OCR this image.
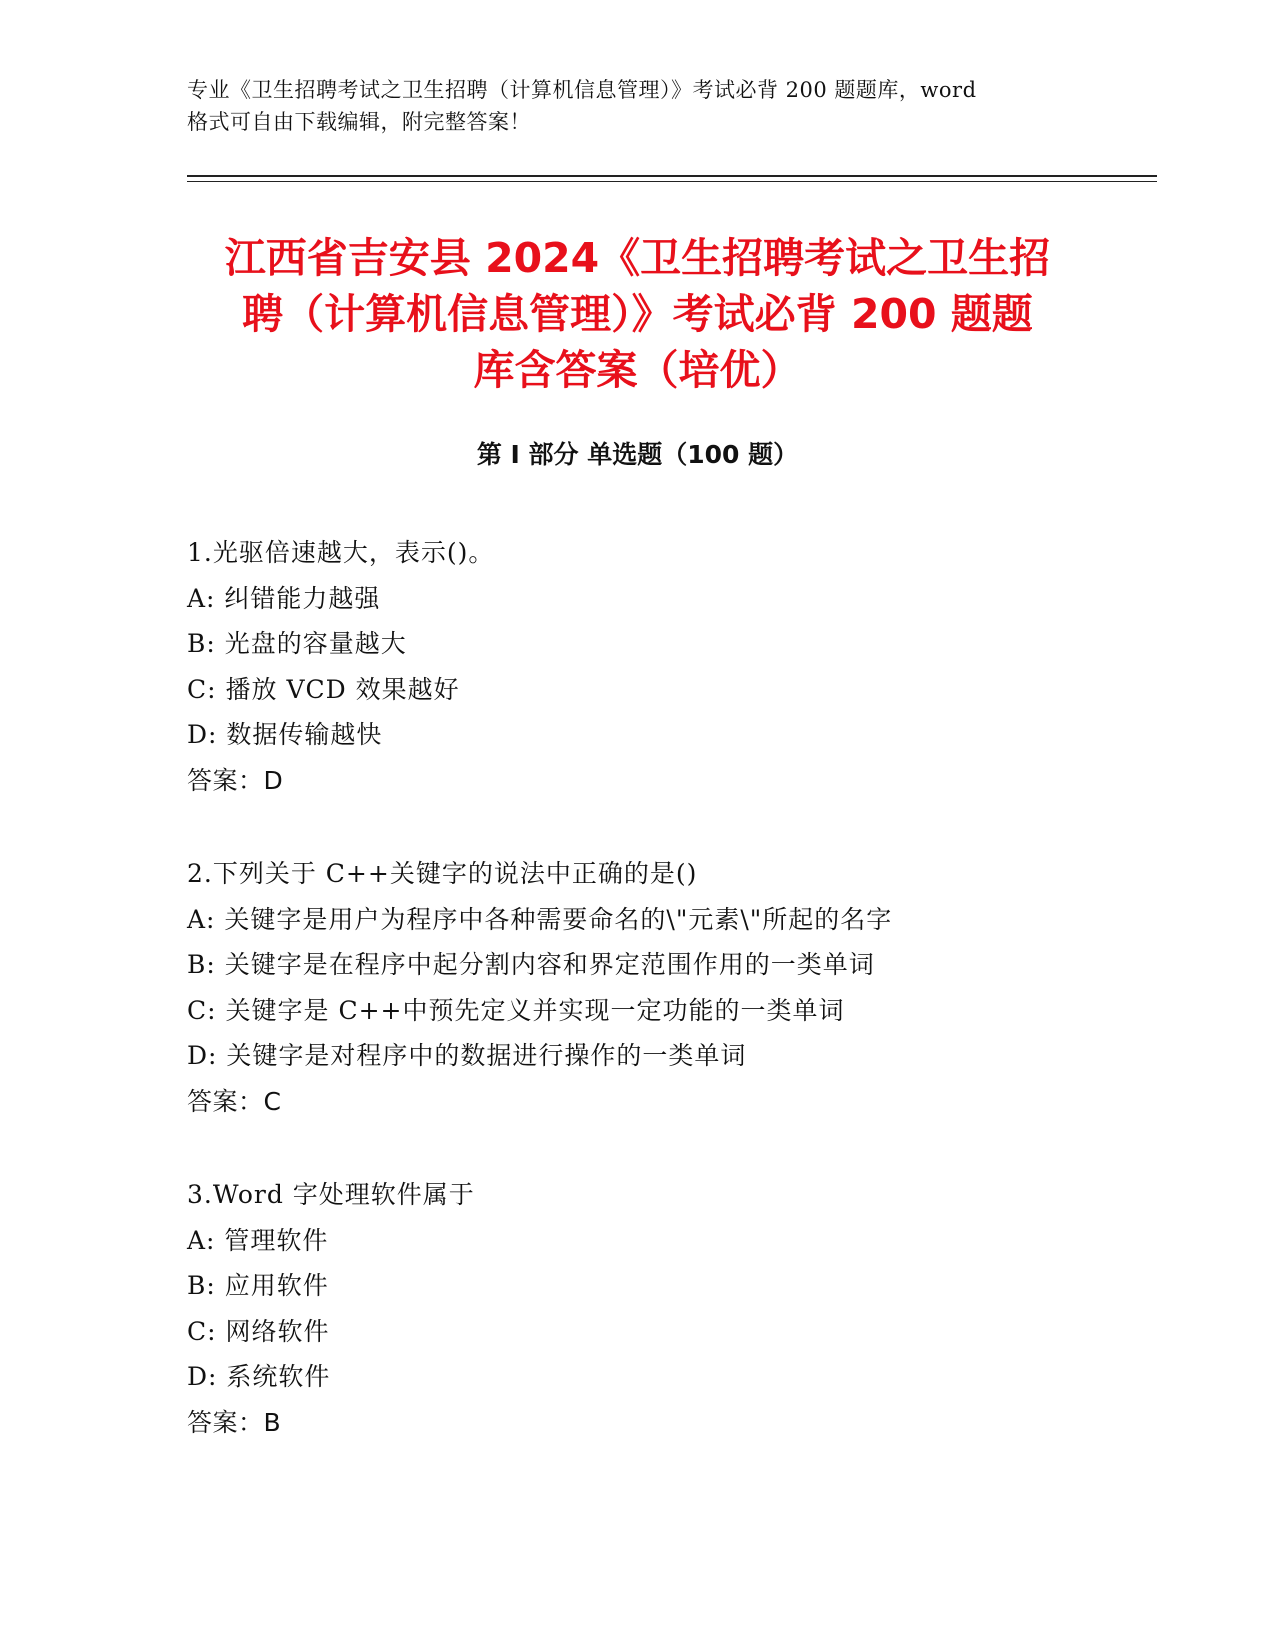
专业《卫生招聘考试之卫生招聘（计算机信息管理）》考试必背 200 题题库，word
格式可自由下载编辑，附完整答案！
江西省吉安县 2024《卫生招聘考试之卫生招
聘（计算机信息管理）》考试必背 200 题题
库含答案（培优）
第 I 部分 单选题（100 题）
1.光驱倍速越大，表示()。
A: 纠错能力越强
B: 光盘的容量越大
C: 播放 VCD 效果越好
D: 数据传输越快
答案：D
2.下列关于 C++关键字的说法中正确的是()
A: 关键字是用户为程序中各种需要命名的\"元素\"所起的名字
B: 关键字是在程序中起分割内容和界定范围作用的一类单词
C: 关键字是 C++中预先定义并实现一定功能的一类单词
D: 关键字是对程序中的数据进行操作的一类单词
答案：C
3.Word 字处理软件属于
A: 管理软件
B: 应用软件
C: 网络软件
D: 系统软件
答案：B
